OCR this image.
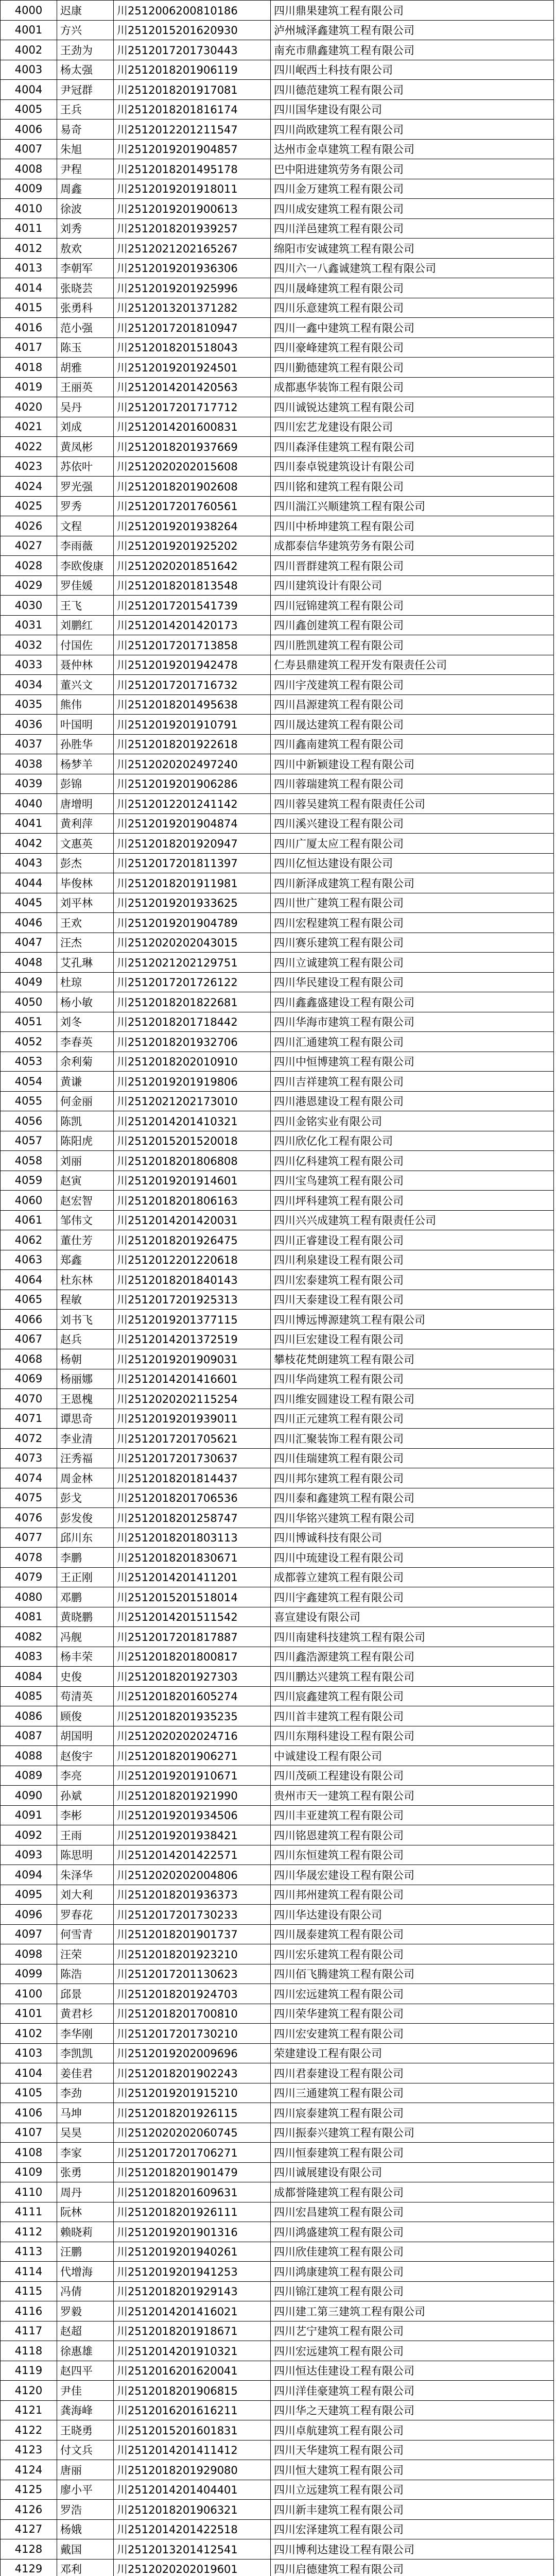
4000	迟康	川2512006200810186	四川鼎果建筑工程有限公司
4001	方兴	川2512015201620930	泸州城泽鑫建筑工程有限公司
4002	王劲为	川2512017201730443	南充市鼎鑫建筑工程有限公司
4003	杨太强	川2512018201906119	四川岷西土科技有限公司
4004	尹冠群	川2512018201917081	四川德范建筑工程有限公司
4005	王兵	川2512018201816174	四川国华建设有限公司
4006	易奇	川2512012201211547	四川尚欧建筑工程有限公司
4007	朱旭	川2512019201904857	达州市金卓建筑工程有限公司
4008	尹程	川2512018201495178	巴中阳进建筑劳务有限公司
4009	周鑫	川2512019201918011	四川金万建筑工程有限公司
4010	徐波	川2512019201900613	四川成安建筑工程有限公司
4011	刘秀	川2512018201939257	四川洋邑建筑工程有限公司
4012	敖欢	川2512021202165267	绵阳市安诚建筑工程有限公司
4013	李朝军	川2512019201936306	四川六一八鑫诚建筑工程有限公司
4014	张晓芸	川2512019201925996	四川晟峰建筑工程有限公司
4015	张勇科	川2512013201371282	四川乐意建筑工程有限公司
4016	范小强	川2512017201810947	四川一鑫中建筑工程有限公司
4017	陈玉	川2512018201518043	四川豪峰建筑工程有限公司
4018	胡雅	川2512019201924501	四川勤德建筑工程有限公司
4019	王丽英	川2512014201420563	成都惠华装饰工程有限公司
4020	吴丹	川2512017201717712	四川诚锐达建筑工程有限公司
4021	刘成	川2512014201600831	四川宏艺龙建设有限公司
4022	黄凤彬	川2512018201937669	四川森泽佳建筑工程有限公司
4023	苏依叶	川2512020202015608	四川泰卓锐建筑设计有限公司
4024	罗光强	川2512018201902608	四川铭和建筑工程有限公司
4025	罗秀	川2512017201760561	四川湍江兴顺建筑工程有限公司
4026	文程	川2512019201938264	四川中桥坤建筑工程有限公司
4027	李雨薇	川2512019201925202	成都泰信华建筑劳务有限公司
4028	李欧俊康	川2512020201851642	四川晋群建筑工程有限公司
4029	罗佳媛	川2512018201813548	四川建筑设计有限公司
4030	王飞	川2512017201541739	四川冠锦建筑工程有限公司
4031	刘鹏红	川2512014201420173	四川鑫创建筑工程有限公司
4032	付国佐	川2512017201713858	四川胜凯建筑工程有限公司
4033	聂仲林	川2512019201942478	仁寿县鼎建筑工程开发有限责任公司
4034	董兴文	川2512017201716732	四川宇茂建筑工程有限公司
4035	熊伟	川2512018201495638	四川昌源建筑工程有限公司
4036	叶国明	川2512019201910791	四川晟达建筑工程有限公司
4037	孙胜华	川2512018201922618	四川鑫南建筑工程有限公司
4038	杨梦羊	川2512020202497240	四川中新颖建设工程有限公司
4039	彭锦	川2512019201906286	四川蓉瑞建筑工程有限公司
4040	唐增明	川2512012201241142	四川蓉吴建筑工程有限责任公司
4041	黄利萍	川2512019201904874	四川溪兴建设工程有限公司
4042	文惠英	川2512018201920947	四川广厦太应工程有限公司
4043	彭杰	川2512017201811397	四川亿恒达建设有限公司
4044	毕俊林	川2512018201911981	四川新泽成建筑工程有限公司
4045	刘平林	川2512019201933625	四川世广建筑工程有限公司
4046	王欢	川2512019201904789	四川宏程建筑工程有限公司
4047	汪杰	川2512020202043015	四川赛乐建筑工程有限公司
4048	艾孔琳	川2512021202129751	四川立诚建筑工程有限公司
4049	杜琼	川2512017201726122	四川华民建设工程有限公司
4050	杨小敏	川2512018201822681	四川鑫鑫盛建设工程有限公司
4051	刘冬	川2512018201718442	四川华海市建筑工程有限公司
4052	李春英	川2512018201932706	四川汇通建筑工程有限公司
4053	余利菊	川2512018202010910	四川中恒博建筑工程有限公司
4054	黄谦	川2512019201919806	四川吉祥建筑工程有限公司
4055	何金丽	川2512021202173010	四川港恩建设工程有限公司
4056	陈凯	川2512014201410321	四川金铭实业有限公司
4057	陈阳虎	川2512015201520018	四川欣亿化工程有限公司
4058	刘丽	川2512018201806808	四川亿科建筑工程有限公司
4059	赵寅	川2512019201914601	四川宝鸟建筑工程有限公司
4060	赵宏智	川2512018201806163	四川坪科建筑工程有限公司
4061	邹伟文	川2512014201420031	四川兴兴成建筑工程有限责任公司
4062	董仕芳	川2512018201926475	四川正睿建设工程有限公司
4063	郑鑫	川2512012201220618	四川利泉建设工程有限公司
4064	杜东林	川2512018201840143	四川宏泰建筑工程有限公司
4065	程敏	川2512017201925313	四川天泰建设工程有限公司
4066	刘书飞	川2512019201377115	四川博远博源建筑工程有限公司
4067	赵兵	川2512014201372519	四川巨宏建设工程有限公司
4068	杨朝	川2512019201909031	攀枝花梵朗建筑工程有限公司
4069	杨丽娜	川2512014201416601	四川华尚建筑工程有限公司
4070	王恩槐	川2512020202115254	四川维安圆建设工程有限公司
4071	谭思奇	川2512019201939011	四川正元建筑工程有限公司
4072	李业清	川2512017201705621	四川汇聚装饰工程有限公司
4073	汪秀福	川2512017201730637	四川佳瑞建筑工程有限公司
4074	周金林	川2512018201814437	四川邦尔建筑工程有限公司
4075	彭戈	川2512018201706536	四川泰和鑫建筑工程有限公司
4076	彭发俊	川2512018201258747	四川华铭兴建筑工程有限公司
4077	邱川东	川2512018201803113	四川博诚科技有限公司
4078	李鹏	川2512018201830671	四川中琉建设工程有限公司
4079	王正刚	川2512014201411201	成都蓉立建筑工程有限公司
4080	邓鹏	川2512015201518014	四川宇鑫建筑工程有限公司
4081	黄晓鹏	川2512014201511542	喜宣建设有限公司
4082	冯舰	川2512017201817887	四川南建科技建筑工程有限公司
4083	杨丰荣	川2512018201800817	四川鑫浩源建筑工程有限公司
4084	史俊	川2512018201927303	四川鹏达兴建筑工程有限公司
4085	苟清英	川2512018201605274	四川宸鑫建筑工程有限公司
4086	顾俊	川2512018201935235	四川首丰建筑工程有限公司
4087	胡国明	川2512020202024716	四川东翔科建设工程有限公司
4088	赵俊宇	川2512018201906271	中诚建设工程有限公司
4089	李亮	川2512019201910671	四川茂硕工程建设有限公司
4090	孙斌	川2512018201921990	贵州市天一建筑工程有限公司
4091	李彬	川2512019201934506	四川丰亚建筑工程有限公司
4092	王雨	川2512019201938421	四川铭恩建筑工程有限公司
4093	陈思明	川2512014201422571	四川东恒建筑工程有限公司
4094	朱泽华	川2512020202004806	四川华晟宏建设工程有限公司
4095	刘大利	川2512018201936373	四川邦州建筑工程有限公司
4096	罗春花	川2512017201730233	四川华达建设有限公司
4097	何雪青	川2512018201901737	四川晟泰建筑工程有限公司
4098	汪荣	川2512018201923210	四川宏乐建筑工程有限公司
4099	陈浩	川2512017201130623	四川佰飞腾建筑工程有限公司
4100	邱景	川2512018201924703	四川宏远建筑工程有限公司
4101	黄君杉	川2512018201700810	四川荣华建筑工程有限公司
4102	李华刚	川2512017201730210	四川宏安建筑工程有限公司
4103	李凯凯	川2512019202009696	荣建建设工程有限公司
4104	姜佳君	川2512018201902243	四川君泰建设工程有限公司
4105	李劲	川2512019201915210	四川三通建筑工程有限公司
4106	马坤	川2512018201926115	四川宸泰建筑工程有限公司
4107	吴昊	川2512020202060745	四川振泰兴建筑工程有限公司
4108	李家	川2512017201706271	四川恒泰建筑工程有限公司
4109	张勇	川2512018201901479	四川诚展建设有限公司
4110	周丹	川2512018201609631	成都誉隆建筑工程有限公司
4111	阮林	川2512018201926111	四川宏昌建筑工程有限公司
4112	赖晓莉	川2512019201901316	四川鸿盛建筑工程有限公司
4113	汪鹏	川2512019201940261	四川欣佳建筑工程有限公司
4114	代增海	川2512019201941253	四川鸿康建筑工程有限公司
4115	冯倩	川2512018201929143	四川锦江建筑工程有限公司
4116	罗毅	川2512014201416021	四川建工第三建筑工程有限公司
4117	赵超	川2512018201918671	四川艺宁建筑工程有限公司
4118	徐惠雄	川2512014201910321	四川宏远建筑工程有限公司
4119	赵四平	川2512016201620041	四川恒达佳建设工程有限公司
4120	尹佳	川2512018201906815	四川洋佳豪建筑工程有限公司
4121	龚海峰	川2512016201616211	四川华之天建筑工程有限公司
4122	王晓勇	川2512015201601831	四川卓航建筑工程有限公司
4123	付文兵	川2512014201411412	四川天华建筑工程有限公司
4124	唐丽	川2512018201929080	四川恒大建筑工程有限公司
4125	廖小平	川2512014201404401	四川立远建筑工程有限公司
4126	罗浩	川2512018201906321	四川新丰建筑工程有限公司
4127	杨娥	川2512014201422518	四川宏泽建筑工程有限公司
4128	戴国	川2512013201412541	四川博利达建设工程有限公司
4129	邓利	川2512020202019601	四川启德建筑工程有限公司
